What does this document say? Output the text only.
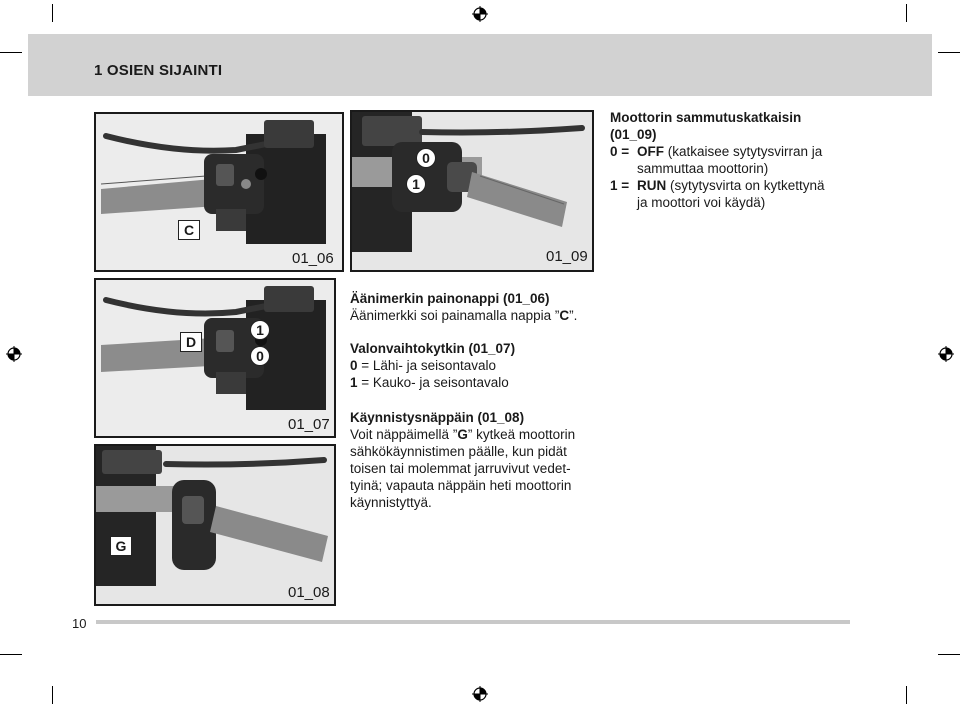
1 OSIEN SIJAINTI
C
01_06
0
1
01_09
D
1
0
01_07
G
01_08
Moottorin sammutuskatkaisin
(01_09)
0 = OFF (katkaisee sytytysvirran ja
sammuttaa moottorin)
1 = RUN (sytytysvirta on kytkettynä
ja moottori voi käydä)
Äänimerkin painonappi (01_06)
Äänimerkki soi painamalla nappia ”C”.
Valonvaihtokytkin (01_07)
0 = Lähi- ja seisontavalo
1 = Kauko- ja seisontavalo
Käynnistysnäppäin (01_08)
Voit näppäimellä ”G” kytkeä moottorin
sähkökäynnistimen päälle, kun pidät
toisen tai molemmat jarruvivut vedet-
tyinä; vapauta näppäin heti moottorin
käynnistyttyä.
10
